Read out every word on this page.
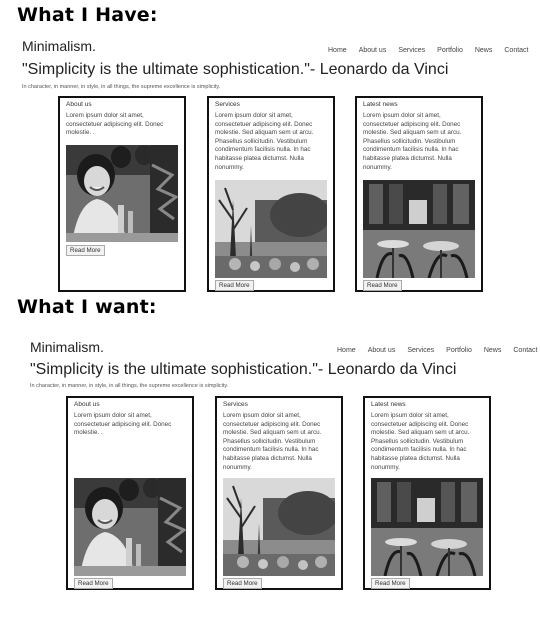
What I Have:
Minimalism.	Home About us Services Portfolio News Contact
"Simplicity is the ultimate sophistication."- Leonardo da Vinci
In character, in manner, in style, in all things, the supreme excellence is simplicity.
About us
Lorem ipsum dolor sit amet, consectetuer adipiscing elit. Donec molestie. .
Read More
Services
Lorem ipsum dolor sit amet, consectetuer adipiscing elit. Donec molestie. Sed aliquam sem ut arcu. Phasellus sollicitudin. Vestibulum condimentum facilisis nulla. In hac habitasse platea dictumst. Nulla nonummy.
Read More
Latest news
Lorem ipsum dolor sit amet, consectetuer adipiscing elit. Donec molestie. Sed aliquam sem ut arcu. Phasellus sollicitudin. Vestibulum condimentum facilisis nulla. In hac habitasse platea dictumst. Nulla nonummy.
Read More
What I want:
Minimalism.	Home About us Services Portfolio News Contact
"Simplicity is the ultimate sophistication."- Leonardo da Vinci
In character, in manner, in style, in all things, the supreme excellence is simplicity.
About us
Lorem ipsum dolor sit amet, consectetuer adipiscing elit. Donec molestie. .
Read More
Services
Lorem ipsum dolor sit amet, consectetuer adipiscing elit. Donec molestie. Sed aliquam sem ut arcu. Phasellus sollicitudin. Vestibulum condimentum facilisis nulla. In hac habitasse platea dictumst. Nulla nonummy.
Read More
Latest news
Lorem ipsum dolor sit amet, consectetuer adipiscing elit. Donec molestie. Sed aliquam sem ut arcu. Phasellus sollicitudin. Vestibulum condimentum facilisis nulla. In hac habitasse platea dictumst. Nulla nonummy.
Read More
